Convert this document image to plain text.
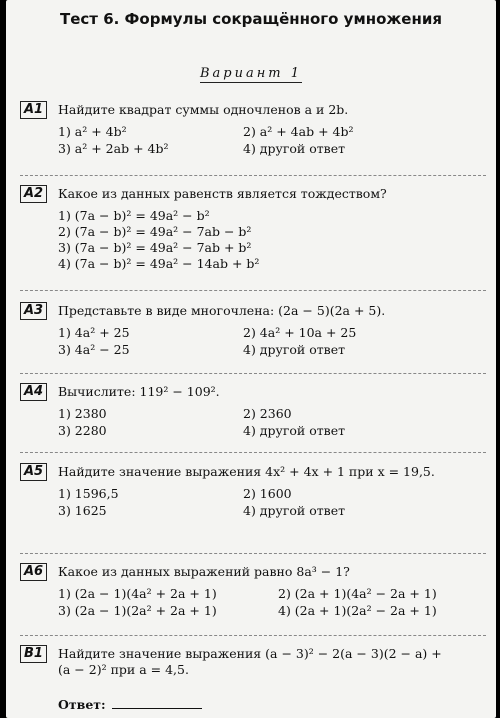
Тест 6. Формулы сокращённого умножения
Вариант 1
A1	Найдите квадрат суммы одночленов a и 2b.
1) a² + 4b²	2) a² + 4ab + 4b²
3) a² + 2ab + 4b²	4) другой ответ
A2	Какое из данных равенств является тождеством?
1) (7a − b)² = 49a² − b²
2) (7a − b)² = 49a² − 7ab − b²
3) (7a − b)² = 49a² − 7ab + b²
4) (7a − b)² = 49a² − 14ab + b²
A3	Представьте в виде многочлена: (2a − 5)(2a + 5).
1) 4a² + 25	2) 4a² + 10a + 25
3) 4a² − 25	4) другой ответ
A4	Вычислите: 119² − 109².
1) 2380	2) 2360
3) 2280	4) другой ответ
A5	Найдите значение выражения 4x² + 4x + 1 при x = 19,5.
1) 1596,5	2) 1600
3) 1625	4) другой ответ
A6	Какое из данных выражений равно 8a³ − 1?
1) (2a − 1)(4a² + 2a + 1)	2) (2a + 1)(4a² − 2a + 1)
3) (2a − 1)(2a² + 2a + 1)	4) (2a + 1)(2a² − 2a + 1)
B1	Найдите значение выражения (a − 3)² − 2(a − 3)(2 − a) + (a − 2)² при a = 4,5.
Ответ:
